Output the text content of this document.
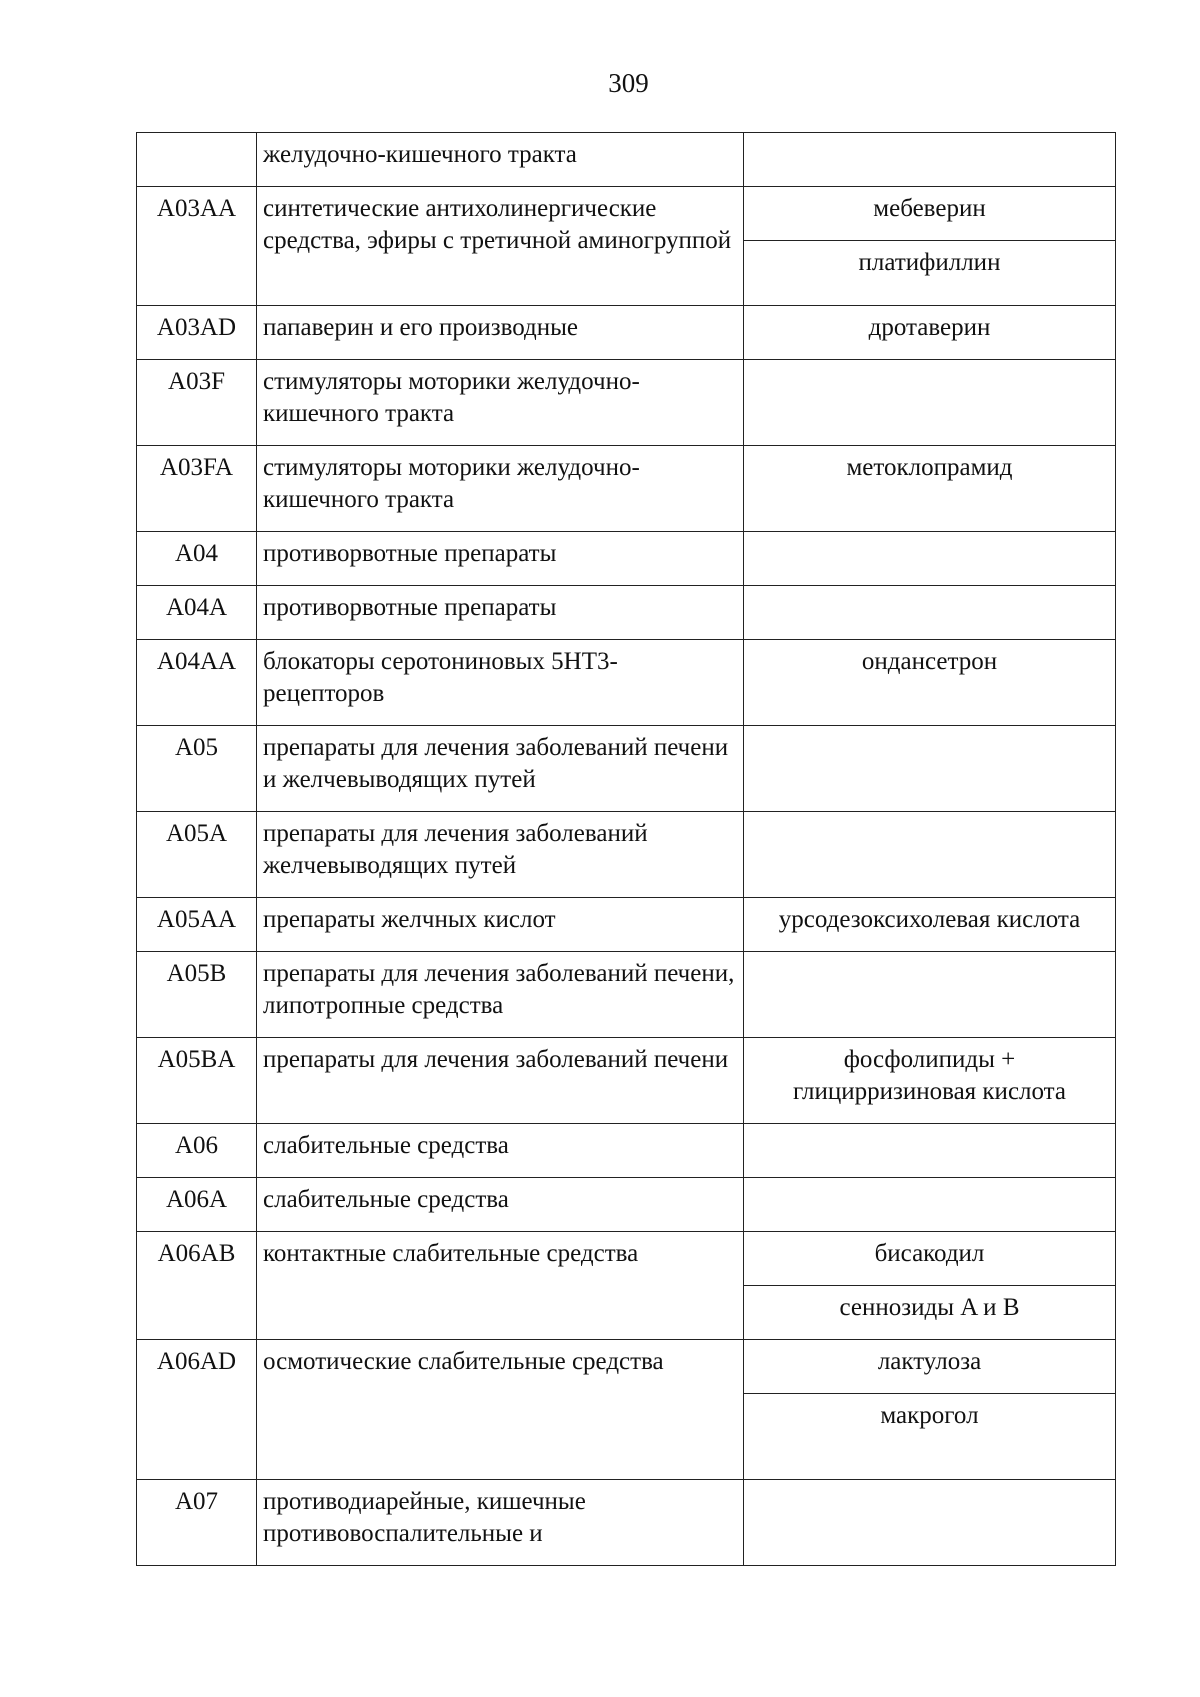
309
	желудочно-кишечного тракта	
A03AA	синтетические антихолинергические средства, эфиры с третичной аминогруппой	мебеверин
		платифиллин
A03AD	папаверин и его производные	дротаверин
A03F	стимуляторы моторики желудочно-кишечного тракта	
A03FA	стимуляторы моторики желудочно-кишечного тракта	метоклопрамид
A04	противорвотные препараты	
A04A	противорвотные препараты	
A04AA	блокаторы серотониновых 5HT3-рецепторов	ондансетрон
A05	препараты для лечения заболеваний печени и желчевыводящих путей	
A05A	препараты для лечения заболеваний желчевыводящих путей	
A05AA	препараты желчных кислот	урсодезоксихолевая кислота
A05B	препараты для лечения заболеваний печени, липотропные средства	
A05BA	препараты для лечения заболеваний печени	фосфолипиды + глицирризиновая кислота
A06	слабительные средства	
A06A	слабительные средства	
A06AB	контактные слабительные средства	бисакодил
		сеннозиды A и B
A06AD	осмотические слабительные средства	лактулоза
		макрогол
A07	противодиарейные, кишечные противовоспалительные и	
